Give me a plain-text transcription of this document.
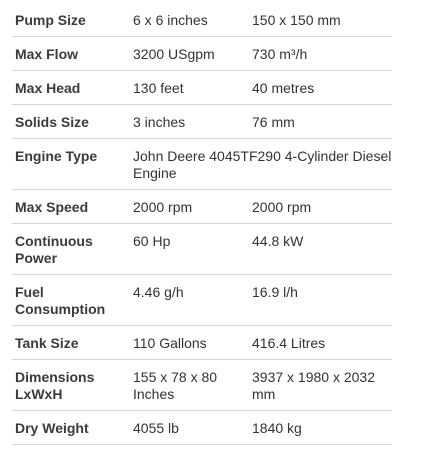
Pump Size	6 x 6 inches	150 x 150 mm
Max Flow	3200 USgpm	730 m³/h
Max Head	130 feet	40 metres
Solids Size	3 inches	76 mm
Engine Type	John Deere 4045TF290 4-Cylinder Diesel Engine	
Max Speed	2000 rpm	2000 rpm
Continuous Power	60 Hp	44.8 kW
Fuel Consumption	4.46 g/h	16.9 l/h
Tank Size	110 Gallons	416.4 Litres
Dimensions LxWxH	155 x 78 x 80 Inches	3937 x 1980 x 2032 mm
Dry Weight	4055 lb	1840 kg
